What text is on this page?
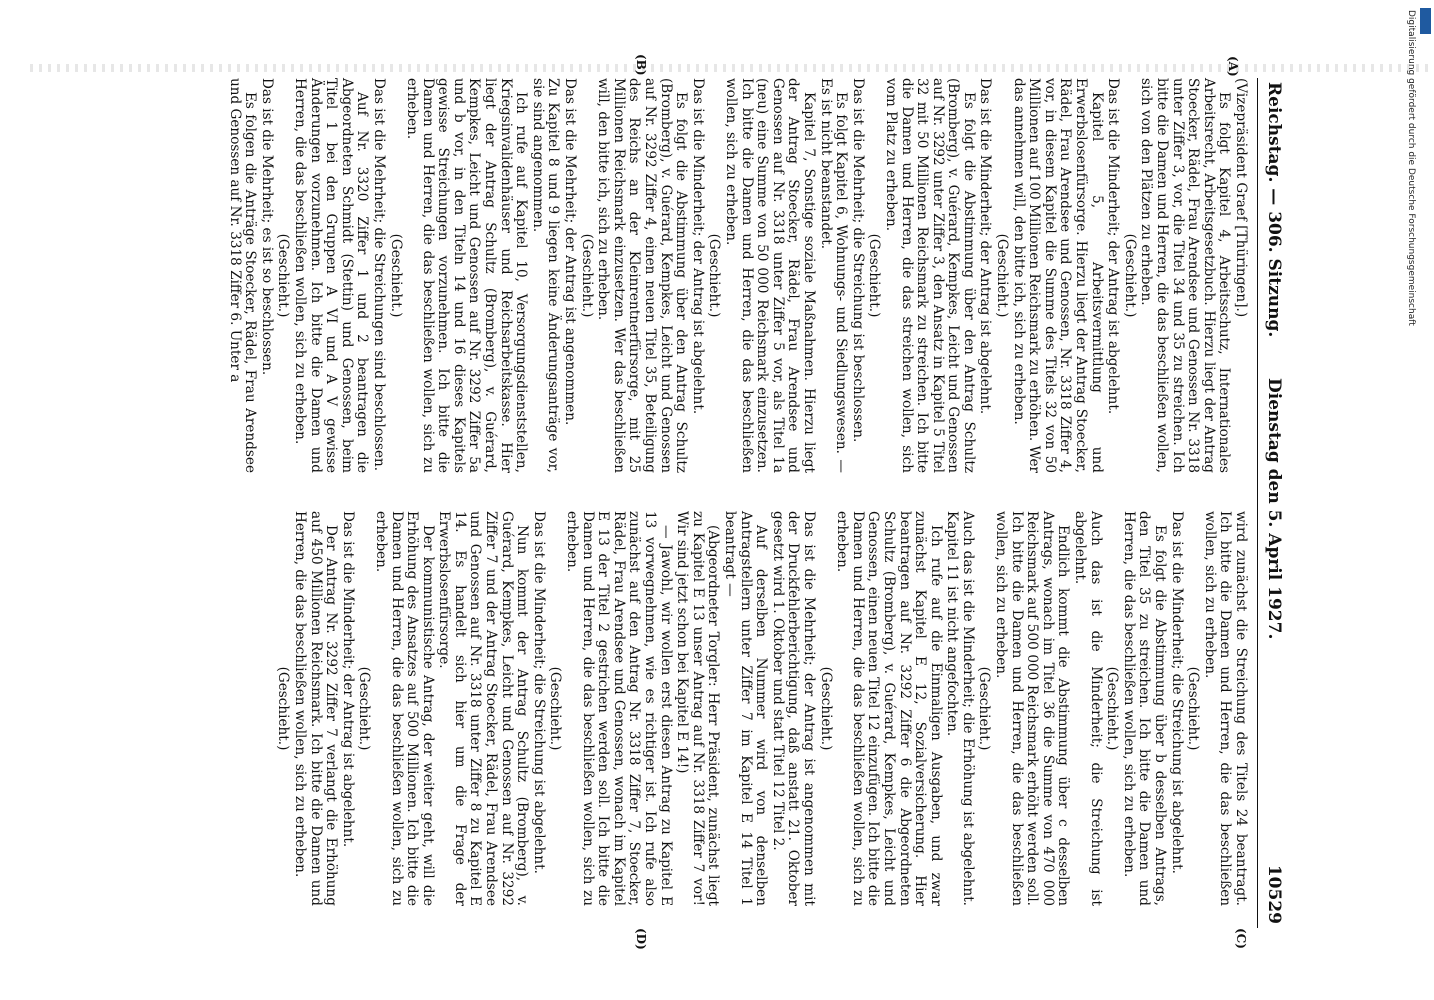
Reichstag. — 306. Sitzung.
Dienstag den 5. April 1927.
10529
(A)
(B)
(C)
(D)

(Vizepräsident Graef [Thüringen].)

Es folgt Kapitel 4, Arbeitsschutz, Internationales Arbeitsrecht, Arbeitsgesetzbuch. Hierzu liegt der Antrag Stoecker, Rädel, Frau Arendsee und Genossen Nr. 3318 unter Ziffer 3, vor, die Titel 34 und 35 zu streichen. Ich bitte die Damen und Herren, die das beschließen wollen, sich von den Plätzen zu erheben.

(Geschieht.)

Das ist die Minderheit; der Antrag ist abgelehnt.

Kapitel 5, Arbeitsvermittlung und Erwerbslosenfürsorge. Hierzu liegt der Antrag Stoecker, Rädel, Frau Arendsee und Genossen, Nr. 3318 Ziffer 4, vor, in diesem Kapitel die Summe des Titels 32 von 50 Millionen auf 100 Millionen Reichsmark zu erhöhen. Wer das annehmen will, den bitte ich, sich zu erheben.

(Geschieht.)

Das ist die Minderheit; der Antrag ist abgelehnt.

Es folgt die Abstimmung über den Antrag Schultz (Bromberg), v. Guérard, Kempkes, Leicht und Genossen auf Nr. 3292 unter Ziffer 3, den Ansatz in Kapitel 5 Titel 32 mit 50 Millionen Reichsmark zu streichen. Ich bitte die Damen und Herren, die das streichen wollen, sich vom Platz zu erheben.

(Geschieht.)

Das ist die Mehrheit; die Streichung ist beschlossen.

Es folgt Kapitel 6, Wohnungs- und Siedlungswesen. — Es ist nicht beanstandet.

Kapitel 7, Sonstige soziale Maßnahmen. Hierzu liegt der Antrag Stoecker, Rädel, Frau Arendsee und Genossen auf Nr. 3318 unter Ziffer 5 vor, als Titel 1a (neu) eine Summe von 50 000 Reichsmark einzusetzen. Ich bitte die Damen und Herren, die das beschließen wollen, sich zu erheben.

(Geschieht.)

Das ist die Minderheit; der Antrag ist abgelehnt.

Es folgt die Abstimmung über den Antrag Schultz (Bromberg), v. Guérard, Kempkes, Leicht und Genossen auf Nr. 3292 Ziffer 4, einen neuen Titel 35, Beteiligung des Reichs an der Kleinrentnerfürsorge, mit 25 Millionen Reichsmark einzusetzen. Wer das beschließen will, den bitte ich, sich zu erheben.

(Geschieht.)

Das ist die Mehrheit; der Antrag ist angenommen.

Zu Kapitel 8 und 9 liegen keine Änderungsanträge vor, sie sind angenommen.

Ich rufe auf Kapitel 10, Versorgungsdienststellen, Kriegsinvalidenhäuser und Reichsarbeitskasse. Hier liegt der Antrag Schultz (Bromberg), v. Guérard, Kempkes, Leicht und Genossen auf Nr. 3292 Ziffer 5a und b vor, in den Titeln 14 und 16 dieses Kapitels gewisse Streichungen vorzunehmen. Ich bitte die Damen und Herren, die das beschließen wollen, sich zu erheben.

(Geschieht.)

Das ist die Mehrheit; die Streichungen sind beschlossen.

Auf Nr. 3320 Ziffer 1 und 2 beantragen die Abgeordneten Schmidt (Stettin) und Genossen, beim Titel 1 bei den Gruppen A VI und A V gewisse Änderungen vorzunehmen. Ich bitte die Damen und Herren, die das beschließen wollen, sich zu erheben.

(Geschieht.)

Das ist die Mehrheit; es ist so beschlossen.

Es folgen die Anträge Stoecker, Rädel, Frau Arendsee und Genossen auf Nr. 3318 Ziffer 6. Unter a

wird zunächst die Streichung des Titels 24 beantragt. Ich bitte die Damen und Herren, die das beschließen wollen, sich zu erheben.

(Geschieht.)

Das ist die Minderheit; die Streichung ist abgelehnt.

Es folgt die Abstimmung über b desselben Antrags, den Titel 35 zu streichen. Ich bitte die Damen und Herren, die das beschließen wollen, sich zu erheben.

(Geschieht.)

Auch das ist die Minderheit; die Streichung ist abgelehnt.

Endlich kommt die Abstimmung über c desselben Antrags, wonach im Titel 36 die Summe von 470 000 Reichsmark auf 500 000 Reichsmark erhöht werden soll. Ich bitte die Damen und Herren, die das beschließen wollen, sich zu erheben.

(Geschieht.)

Auch das ist die Minderheit; die Erhöhung ist abgelehnt. Kapitel 11 ist nicht angefochten.

Ich rufe auf die Einmaligen Ausgaben, und zwar zunächst Kapitel E 12, Sozialversicherung. Hier beantragen auf Nr. 3292 Ziffer 6 die Abgeordneten Schultz (Bromberg), v. Guérard, Kempkes, Leicht und Genossen, einen neuen Titel 12 einzufügen. Ich bitte die Damen und Herren, die das beschließen wollen, sich zu erheben.

(Geschieht.)

Das ist die Mehrheit; der Antrag ist angenommen mit der Druckfehlerberichtigung, daß anstatt 21. Oktober gesetzt wird 1. Oktober und statt Titel 12 Titel 2.

Auf derselben Nummer wird von denselben Antragstellern unter Ziffer 7 im Kapitel E 14 Titel 1 beantragt —

(Abgeordneter Torgler: Herr Präsident, zunächst liegt zu Kapitel E 13 unser Antrag auf Nr. 3318 Ziffer 7 vor! Wir sind jetzt schon bei Kapitel E 14!)

— Jawohl, wir wollen erst diesen Antrag zu Kapitel E 13 vorwegnehmen, wie es richtiger ist. Ich rufe also zunächst auf den Antrag Nr. 3318 Ziffer 7, Stoecker, Rädel, Frau Arendsee und Genossen, wonach im Kapitel E 13 der Titel 2 gestrichen werden soll. Ich bitte die Damen und Herren, die das beschließen wollen, sich zu erheben.

(Geschieht.)

Das ist die Minderheit; die Streichung ist abgelehnt.

Nun kommt der Antrag Schultz (Bromberg), v. Guérard, Kempkes, Leicht und Genossen auf Nr. 3292 Ziffer 7 und der Antrag Stoecker, Rädel, Frau Arendsee und Genossen auf Nr. 3318 unter Ziffer 8 zu Kapitel E 14. Es handelt sich hier um die Frage der Erwerbslosenfürsorge.

Der kommunistische Antrag, der weiter geht, will die Erhöhung des Ansatzes auf 500 Millionen. Ich bitte die Damen und Herren, die das beschließen wollen, sich zu erheben.

(Geschieht.)

Das ist die Minderheit; der Antrag ist abgelehnt.

Der Antrag Nr. 3292 Ziffer 7 verlangt die Erhöhung auf 450 Millionen Reichsmark. Ich bitte die Damen und Herren, die das beschließen wollen, sich zu erheben.

(Geschieht.)

Digitalisierung gefördert durch die Deutsche Forschungsgemeinschaft
